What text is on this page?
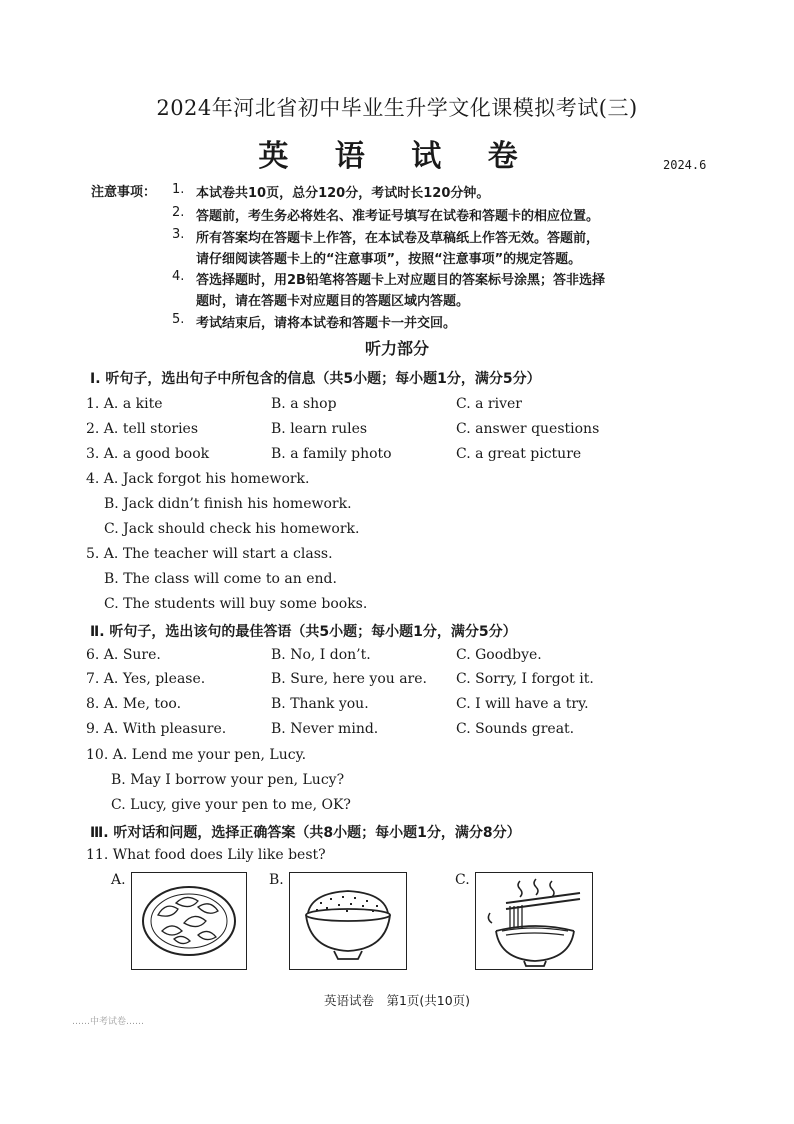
2024年河北省初中毕业生升学文化课模拟考试(三)
英 语 试 卷	2024.6
注意事项： 1. 本试卷共10页，总分120分，考试时长120分钟。
2. 答题前，考生务必将姓名、准考证号填写在试卷和答题卡的相应位置。
3. 所有答案均在答题卡上作答，在本试卷及草稿纸上作答无效。答题前，
请仔细阅读答题卡上的“注意事项”，按照“注意事项”的规定答题。
4. 答选择题时，用2B铅笔将答题卡上对应题目的答案标号涂黑；答非选择
题时，请在答题卡对应题目的答题区域内答题。
5. 考试结束后，请将本试卷和答题卡一并交回。
听力部分
Ⅰ. 听句子，选出句子中所包含的信息（共5小题；每小题1分，满分5分）
1. A. a kite	B. a shop	C. a river
2. A. tell stories	B. learn rules	C. answer questions
3. A. a good book	B. a family photo	C. a great picture
4. A. Jack forgot his homework.
B. Jack didn’t finish his homework.
C. Jack should check his homework.
5. A. The teacher will start a class.
B. The class will come to an end.
C. The students will buy some books.
Ⅱ. 听句子，选出该句的最佳答语（共5小题；每小题1分，满分5分）
6. A. Sure.	B. No, I don’t.	C. Goodbye.
7. A. Yes, please.	B. Sure, here you are. C. Sorry, I forgot it.
8. A. Me, too.	B. Thank you.	C. I will have a try.
9. A. With pleasure.	B. Never mind.	C. Sounds great.
10. A. Lend me your pen, Lucy.
B. May I borrow your pen, Lucy?
C. Lucy, give your pen to me, OK?
Ⅲ. 听对话和问题，选择正确答案（共8小题；每小题1分，满分8分）
11. What food does Lily like best?
A.	B.	C.
英语试卷　第1页(共10页)
……中考试卷……
